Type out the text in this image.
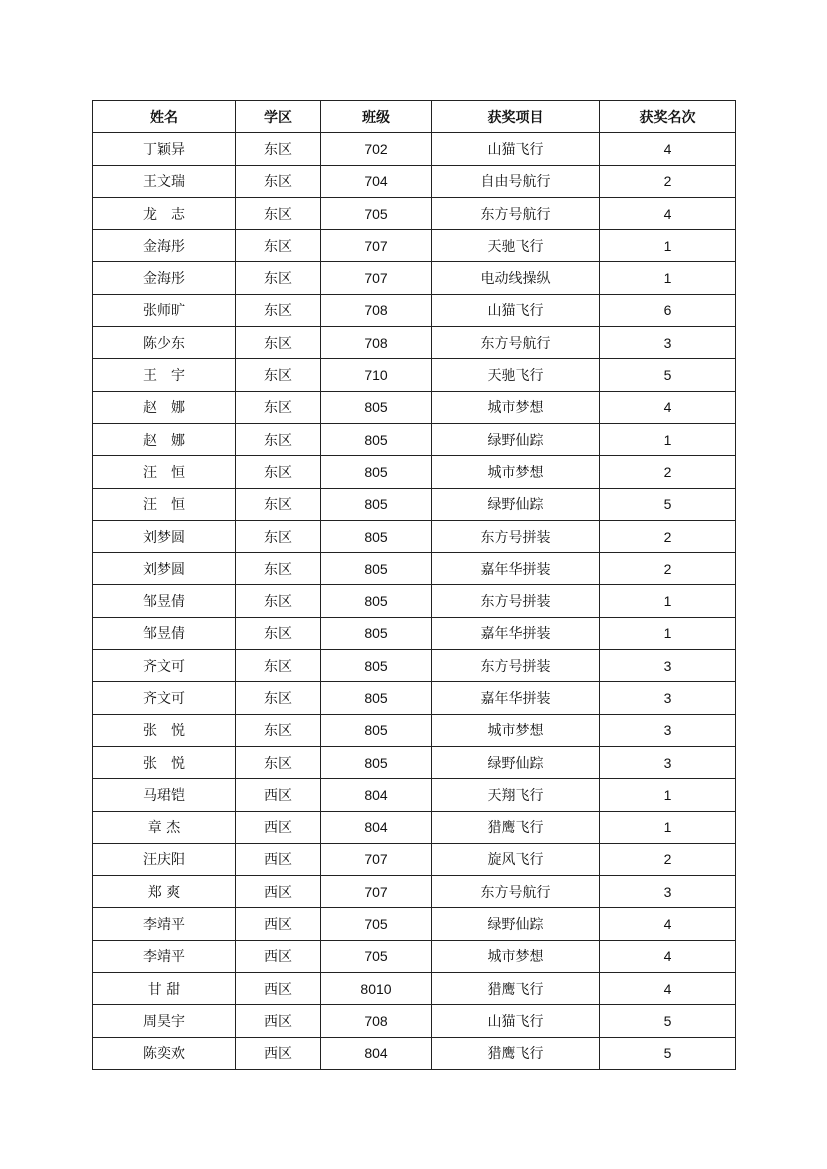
姓名	学区	班级	获奖项目	获奖名次
丁颖异	东区	702	山猫飞行	4
王文瑞	东区	704	自由号航行	2
龙　志	东区	705	东方号航行	4
金海彤	东区	707	天驰飞行	1
金海彤	东区	707	电动线操纵	1
张师旷	东区	708	山猫飞行	6
陈少东	东区	708	东方号航行	3
王　宇	东区	710	天驰飞行	5
赵　娜	东区	805	城市梦想	4
赵　娜	东区	805	绿野仙踪	1
汪　恒	东区	805	城市梦想	2
汪　恒	东区	805	绿野仙踪	5
刘梦圆	东区	805	东方号拼装	2
刘梦圆	东区	805	嘉年华拼装	2
邹昱倩	东区	805	东方号拼装	1
邹昱倩	东区	805	嘉年华拼装	1
齐文可	东区	805	东方号拼装	3
齐文可	东区	805	嘉年华拼装	3
张　悦	东区	805	城市梦想	3
张　悦	东区	805	绿野仙踪	3
马珺铠	西区	804	天翔飞行	1
章 杰	西区	804	猎鹰飞行	1
汪庆阳	西区	707	旋风飞行	2
郑 爽	西区	707	东方号航行	3
李靖平	西区	705	绿野仙踪	4
李靖平	西区	705	城市梦想	4
甘 甜	西区	8010	猎鹰飞行	4
周昊宇	西区	708	山猫飞行	5
陈奕欢	西区	804	猎鹰飞行	5
